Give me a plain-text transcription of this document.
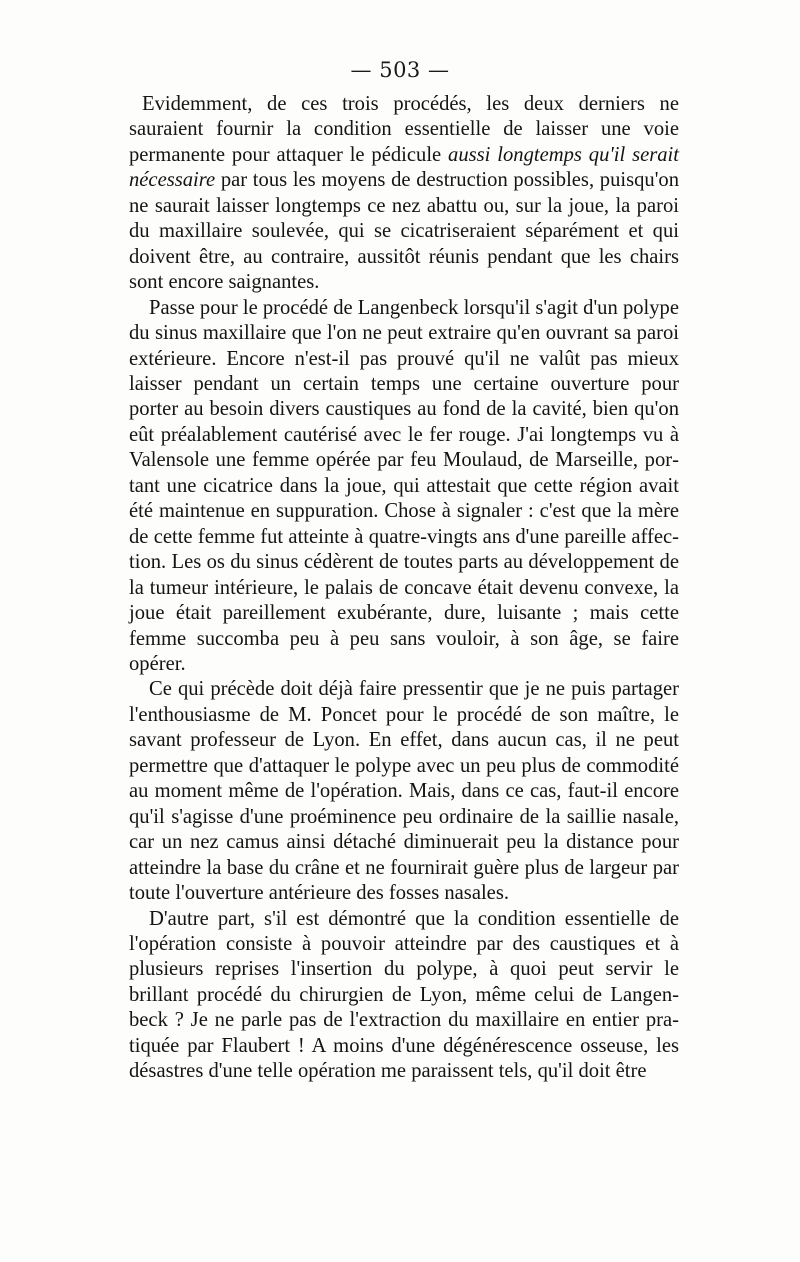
— 503 —

Evidemment, de ces trois procédés, les deux derniers ne sauraient fournir la condition essentielle de laisser une voie permanente pour attaquer le pédicule aussi longtemps qu'il serait nécessaire par tous les moyens de destruction possibles, puisqu'on ne saurait laisser longtemps ce nez abattu ou, sur la joue, la paroi du maxillaire soulevée, qui se cicatriseraient séparément et qui doivent être, au contraire, aussitôt réunis pendant que les chairs sont encore saignantes.

Passe pour le procédé de Langenbeck lorsqu'il s'agit d'un polype du sinus maxillaire que l'on ne peut extraire qu'en ouvrant sa paroi extérieure. Encore n'est-il pas prouvé qu'il ne valût pas mieux laisser pendant un certain temps une certaine ouverture pour porter au besoin divers caustiques au fond de la cavité, bien qu'on eût préalablement cautérisé avec le fer rouge. J'ai longtemps vu à Valensole une femme opérée par feu Moulaud, de Marseille, portant une cicatrice dans la joue, qui attestait que cette région avait été maintenue en suppuration. Chose à signaler : c'est que la mère de cette femme fut atteinte à quatre-vingts ans d'une pareille affection. Les os du sinus cédèrent de toutes parts au développement de la tumeur intérieure, le palais de concave était devenu convexe, la joue était pareillement exubérante, dure, luisante ; mais cette femme succomba peu à peu sans vouloir, à son âge, se faire opérer.

Ce qui précède doit déjà faire pressentir que je ne puis partager l'enthousiasme de M. Poncet pour le procédé de son maître, le savant professeur de Lyon. En effet, dans aucun cas, il ne peut permettre que d'attaquer le polype avec un peu plus de commodité au moment même de l'opération. Mais, dans ce cas, faut-il encore qu'il s'agisse d'une proéminence peu ordinaire de la saillie nasale, car un nez camus ainsi détaché diminuerait peu la distance pour atteindre la base du crâne et ne fournirait guère plus de largeur par toute l'ouverture antérieure des fosses nasales.

D'autre part, s'il est démontré que la condition essentielle de l'opération consiste à pouvoir atteindre par des caustiques et à plusieurs reprises l'insertion du polype, à quoi peut servir le brillant procédé du chirurgien de Lyon, même celui de Langenbeck ? Je ne parle pas de l'extraction du maxillaire en entier pratiquée par Flaubert ! A moins d'une dégénérescence osseuse, les désastres d'une telle opération me paraissent tels, qu'il doit être
